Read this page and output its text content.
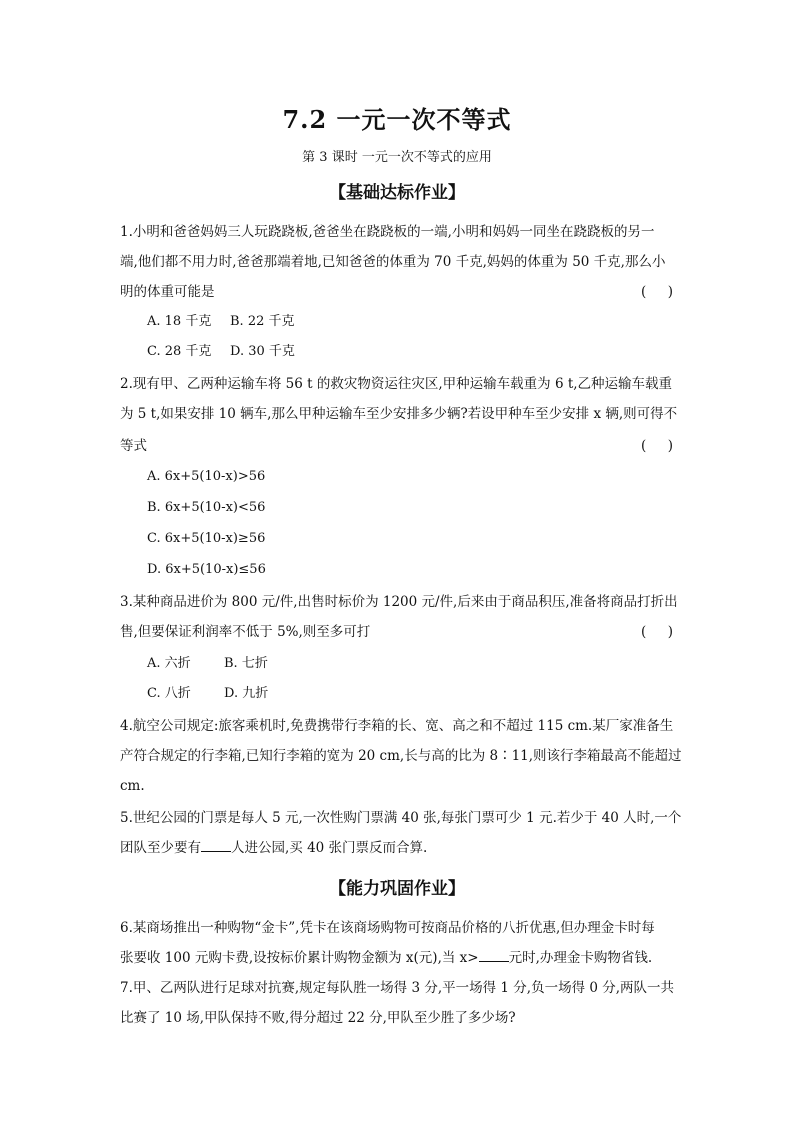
7.2 一元一次不等式
第 3 课时 一元一次不等式的应用
【基础达标作业】
1.小明和爸爸妈妈三人玩跷跷板,爸爸坐在跷跷板的一端,小明和妈妈一同坐在跷跷板的另一
端,他们都不用力时,爸爸那端着地,已知爸爸的体重为 70 千克,妈妈的体重为 50 千克,那么小
明的体重可能是	(     )
A. 18 千克 B. 22 千克
C. 28 千克 D. 30 千克
2.现有甲、乙两种运输车将 56 t 的救灾物资运往灾区,甲种运输车载重为 6 t,乙种运输车载重
为 5 t,如果安排 10 辆车,那么甲种运输车至少安排多少辆?若设甲种车至少安排 x 辆,则可得不
等式	(     )
A. 6x+5(10-x)>56
B. 6x+5(10-x)<56
C. 6x+5(10-x)≥56
D. 6x+5(10-x)≤56
3.某种商品进价为 800 元/件,出售时标价为 1200 元/件,后来由于商品积压,准备将商品打折出
售,但要保证利润率不低于 5%,则至多可打	(     )
A. 六折	B. 七折
C. 八折	D. 九折
4.航空公司规定:旅客乘机时,免费携带行李箱的长、宽、高之和不超过 115 cm.某厂家准备生
产符合规定的行李箱,已知行李箱的宽为 20 cm,长与高的比为 8∶11,则该行李箱最高不能超过
cm.
5.世纪公园的门票是每人 5 元,一次性购门票满 40 张,每张门票可少 1 元.若少于 40 人时,一个
团队至少要有 人进公园,买 40 张门票反而合算.
【能力巩固作业】
6.某商场推出一种购物“金卡”,凭卡在该商场购物可按商品价格的八折优惠,但办理金卡时每
张要收 100 元购卡费,设按标价累计购物金额为 x(元),当 x> 元时,办理金卡购物省钱.
7.甲、乙两队进行足球对抗赛,规定每队胜一场得 3 分,平一场得 1 分,负一场得 0 分,两队一共
比赛了 10 场,甲队保持不败,得分超过 22 分,甲队至少胜了多少场?
